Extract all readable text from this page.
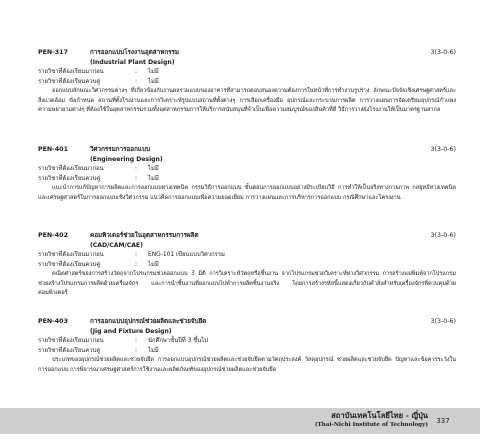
PEN-317	การออกแบบโรงงานอุตสาหกรรม	3(3-0-6)
(Industrial Plant Design)
รายวิชาที่ต้องเรียนมาก่อน	: ไม่มี
รายวิชาที่ต้องเรียนควบคู่	: ไม่มี

ออกแบบลักษณะวิศวกรรมต่างๆ ที่เกี่ยวข้องกับงานผลรวมแบบของอาคารที่สามารถตอบสนองความต้องการในหน้าที่การทำงานรูปร่าง ลักษณะปัจจัยเชิงเศรษฐศาสตร์และสิ่งแวดล้อม ข้อกำหนด สถานที่ตั้งโรงงานและการวิเคราะห์รูปแบบสถานที่ตั้งต่างๆ การเลือกเครื่องมือ อุปกรณ์และกระบวนการผลิต การวางแผนการจัดเตรียมอุปกรณ์กำแพงความพยายามต่างๆ ที่ต้องใช้ในอุตสาหกรรมรวมทั้งอุตสาหกรรมการให้บริการสนับสนุนที่จำเป็นเพื่อความสมบูรณ์ของสินค้าที่ดี วิธีการวางผังโรงงานให้เป็นมาตรฐานสากล

PEN-401	วิศวกรรมการออกแบบ	3(3-0-6)
(Engineering Design)
รายวิชาที่ต้องเรียนมาก่อน	: ไม่มี
รายวิชาที่ต้องเรียนควบคู่	: ไม่มี

แนะนำการแก้ปัญหาการผลิตและการออกแบบทางเทคนิค กรรมวิธีการออกแบบ ขั้นตอนการออกแบบอย่างมีระเบียบวิธี การทำให้เป็นจริงทางกายภาพ กลยุทธ์ทางเทคนิคและเศรษฐศาสตร์ในการออกแบบเชิงวิศวกรรม แนวคิดการออกแบบเพื่อความยอดเยี่ยม การวางแผนและการบริหารการออกแบบ กรณีศึกษาและโครงงาน

PEN-402	คอมพิวเตอร์ช่วยในอุตสาหกรรมการผลิต	3(3-0-6)
(CAD/CAM/CAE)
รายวิชาที่ต้องเรียนมาก่อน	: ENG-101 เขียนแบบวิศวกรรม
รายวิชาที่ต้องเรียนควบคู่	: ไม่มี

คณิตศาสตร์ของการสร้างวัตถุจากโปรแกรมช่วยออกแบบ 3 มิติ การวิเคราะห์วัตถุหรือชิ้นงาน จากโปรแกรมช่วยวิเคราะห์ทางวิศวกรรม การสร้างแม่พิมพ์จากโปรแกรมช่วยสร้างโปรแกรมการผลิตด้วยเครื่องจักร และการนำชิ้นงานที่ออกแบบไปทำการผลิตชิ้นงานจริง โดยการสร้างรหัสนี้แสดงเกี่ยวกับคำสั่งสำหรับเครื่องจักรที่ควบคุมด้วยคอมพิวเตอร์

PEN-403	การออกแบบอุปกรณ์ช่วยผลิตและช่วยจับยึด	3(3-0-6)
(Jig and Fixture Design)
รายวิชาที่ต้องเรียนมาก่อน	: นักศึกษาชั้นปีที่ 3 ขึ้นไป
รายวิชาที่ต้องเรียนควบคู่	: ไม่มี

ประเภทของอุปกรณ์ช่วยผลิตและช่วยจับยึด การออกแบบอุปกรณ์ช่วยผลิตและช่วยจับยึดตามวัตถุประสงค์ วัสดุอุปกรณ์ ช่วยผลิตและช่วยจับยึด ปัญหาและข้อควรระวังในการออกแบบ การพิจารณาเศรษฐศาสตร์การใช้งานและผลิตภัณฑ์ของอุปกรณ์ช่วยผลิตและช่วยจับยึด

สถาบันเทคโนโลยีไทย - ญี่ปุ่น
(Thai-Nichi Institute of Technology)	337
